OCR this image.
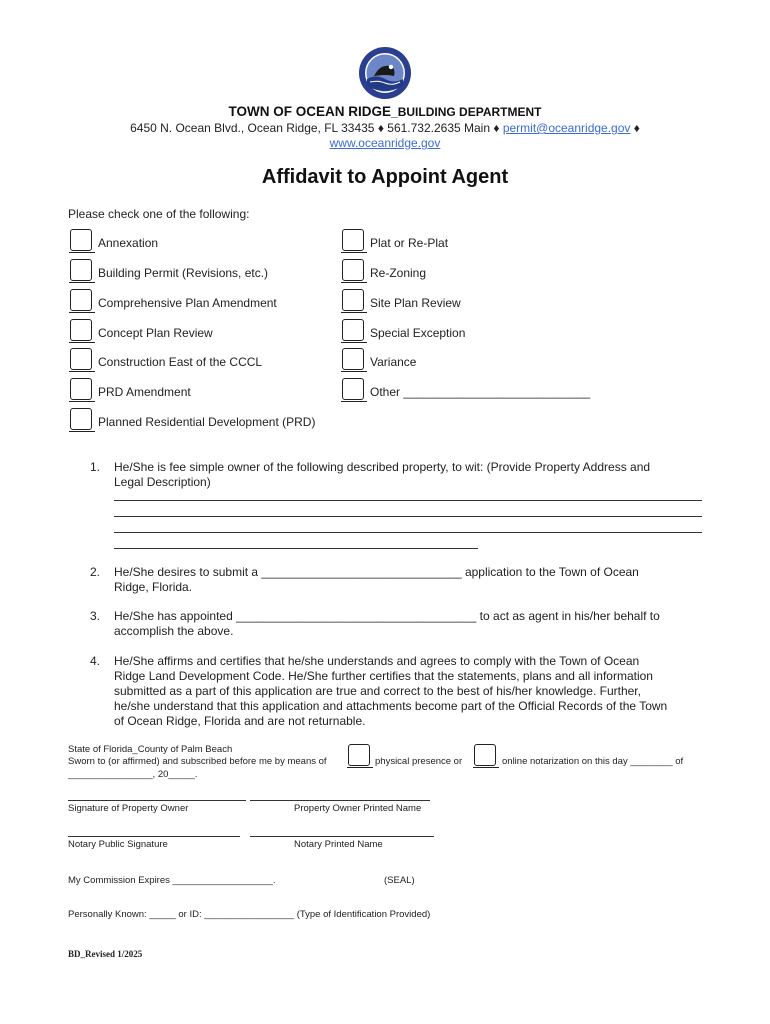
TOWN OF OCEAN RIDGE_BUILDING DEPARTMENT
6450 N. Ocean Blvd., Ocean Ridge, FL 33435 ♦ 561.732.2635 Main ♦ permit@oceanridge.gov ♦
www.oceanridge.gov
Affidavit to Appoint Agent
Please check one of the following:
Annexation
Building Permit (Revisions, etc.)
Comprehensive Plan Amendment
Concept Plan Review
Construction East of the CCCL
PRD Amendment
Planned Residential Development (PRD)
Plat or Re-Plat
Re-Zoning
Site Plan Review
Special Exception
Variance
Other ____________________________
1. He/She is fee simple owner of the following described property, to wit: (Provide Property Address and
Legal Description)
2. He/She desires to submit a ______________________________ application to the Town of Ocean
Ridge, Florida.
3. He/She has appointed ____________________________________ to act as agent in his/her behalf to
accomplish the above.
4. He/She affirms and certifies that he/she understands and agrees to comply with the Town of Ocean
Ridge Land Development Code. He/She further certifies that the statements, plans and all information
submitted as a part of this application are true and correct to the best of his/her knowledge. Further,
he/she understand that this application and attachments become part of the Official Records of the Town
of Ocean Ridge, Florida and are not returnable.
State of Florida_County of Palm Beach
Sworn to (or affirmed) and subscribed before me by means of	physical presence or	online notarization on this day ________ of
________________, 20_____.
Signature of Property Owner	Property Owner Printed Name
Notary Public Signature	Notary Printed Name
My Commission Expires ___________________.	(SEAL)
Personally Known: _____ or ID: _________________ (Type of Identification Provided)
BD_Revised 1/2025
